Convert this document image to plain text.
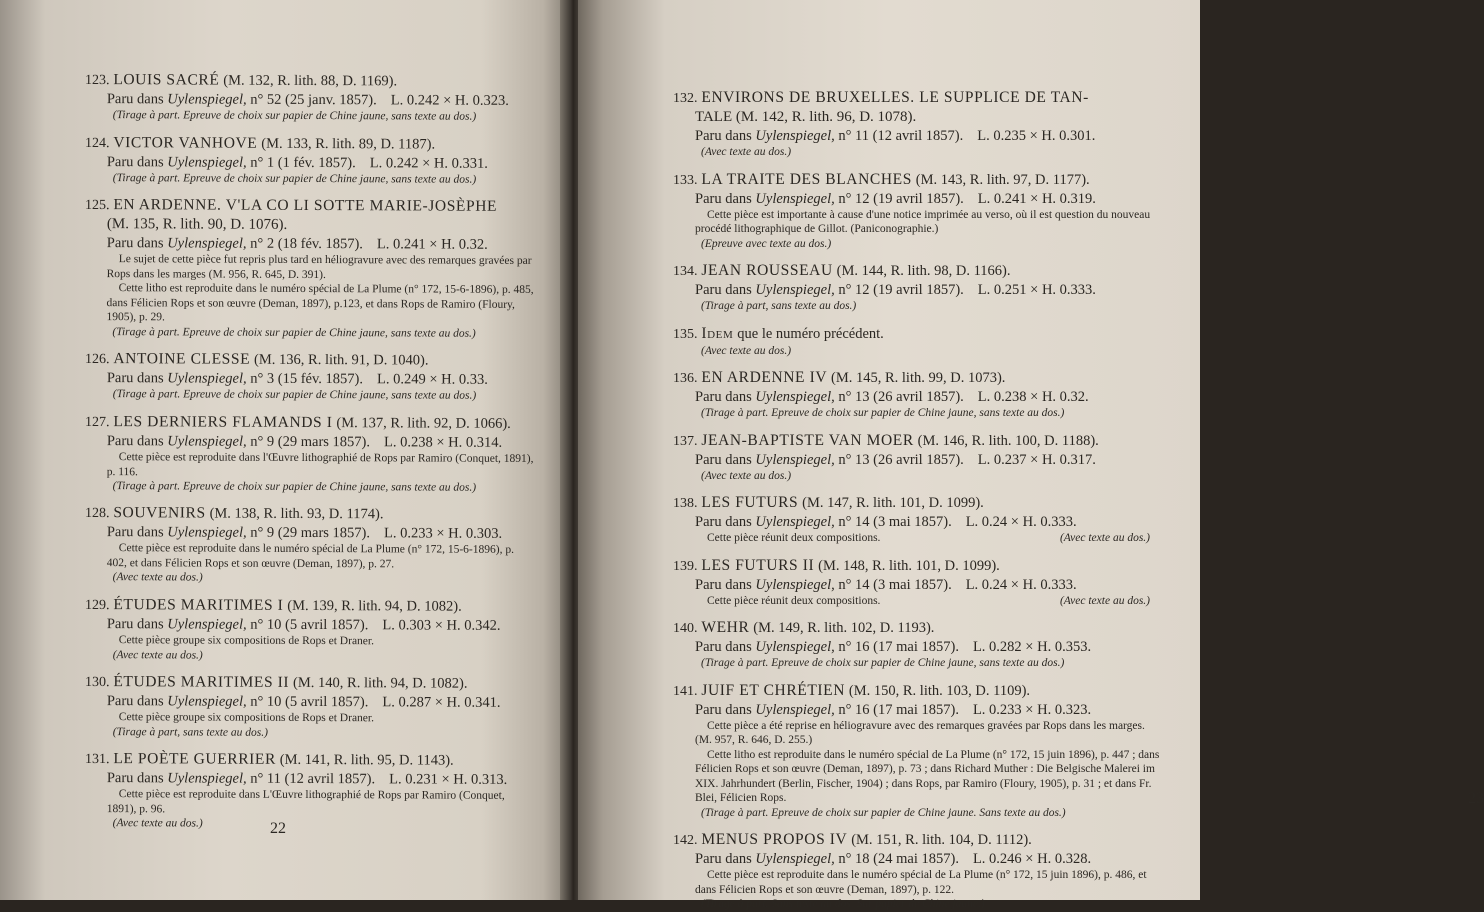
123. LOUIS SACRÉ (M. 132, R. lith. 88, D. 1169).
Paru dans Uylenspiegel, n° 52 (25 janv. 1857). L. 0.242 × H. 0.323.
(Tirage à part. Epreuve de choix sur papier de Chine jaune, sans texte au dos.)
124. VICTOR VANHOVE (M. 133, R. lith. 89, D. 1187).
Paru dans Uylenspiegel, n° 1 (1 fév. 1857). L. 0.242 × H. 0.331.
(Tirage à part. Epreuve de choix sur papier de Chine jaune, sans texte au dos.)
125. EN ARDENNE. V'LA CO LI SOTTE MARIE-JOSÈPHE
(M. 135, R. lith. 90, D. 1076).
Paru dans Uylenspiegel, n° 2 (18 fév. 1857). L. 0.241 × H. 0.32.
Le sujet de cette pièce fut repris plus tard en héliogravure avec des remarques gravées par Rops dans les marges (M. 956, R. 645, D. 391).
Cette litho est reproduite dans le numéro spécial de La Plume (n° 172, 15-6-1896), p. 485, dans Félicien Rops et son œuvre (Deman, 1897), p.123, et dans Rops de Ramiro (Floury, 1905), p. 29.
(Tirage à part. Epreuve de choix sur papier de Chine jaune, sans texte au dos.)
126. ANTOINE CLESSE (M. 136, R. lith. 91, D. 1040).
Paru dans Uylenspiegel, n° 3 (15 fév. 1857). L. 0.249 × H. 0.33.
(Tirage à part. Epreuve de choix sur papier de Chine jaune, sans texte au dos.)
127. LES DERNIERS FLAMANDS I (M. 137, R. lith. 92, D. 1066).
Paru dans Uylenspiegel, n° 9 (29 mars 1857). L. 0.238 × H. 0.314.
Cette pièce est reproduite dans l'Œuvre lithographié de Rops par Ramiro (Conquet, 1891), p. 116.
(Tirage à part. Epreuve de choix sur papier de Chine jaune, sans texte au dos.)
128. SOUVENIRS (M. 138, R. lith. 93, D. 1174).
Paru dans Uylenspiegel, n° 9 (29 mars 1857). L. 0.233 × H. 0.303.
Cette pièce est reproduite dans le numéro spécial de La Plume (n° 172, 15-6-1896), p. 402, et dans Félicien Rops et son œuvre (Deman, 1897), p. 27.
(Avec texte au dos.)
129. ÉTUDES MARITIMES I (M. 139, R. lith. 94, D. 1082).
Paru dans Uylenspiegel, n° 10 (5 avril 1857). L. 0.303 × H. 0.342.
Cette pièce groupe six compositions de Rops et Draner.
(Avec texte au dos.)
130. ÉTUDES MARITIMES II (M. 140, R. lith. 94, D. 1082).
Paru dans Uylenspiegel, n° 10 (5 avril 1857). L. 0.287 × H. 0.341.
Cette pièce groupe six compositions de Rops et Draner.
(Tirage à part, sans texte au dos.)
131. LE POÈTE GUERRIER (M. 141, R. lith. 95, D. 1143).
Paru dans Uylenspiegel, n° 11 (12 avril 1857). L. 0.231 × H. 0.313.
Cette pièce est reproduite dans L'Œuvre lithographié de Rops par Ramiro (Conquet, 1891), p. 96.
(Avec texte au dos.)	22
132. ENVIRONS DE BRUXELLES. LE SUPPLICE DE TAN-
TALE (M. 142, R. lith. 96, D. 1078).
Paru dans Uylenspiegel, n° 11 (12 avril 1857). L. 0.235 × H. 0.301.
(Avec texte au dos.)
133. LA TRAITE DES BLANCHES (M. 143, R. lith. 97, D. 1177).
Paru dans Uylenspiegel, n° 12 (19 avril 1857). L. 0.241 × H. 0.319.
Cette pièce est importante à cause d'une notice imprimée au verso, où il est question du nouveau procédé lithographique de Gillot. (Paniconographie.)
(Epreuve avec texte au dos.)
134. JEAN ROUSSEAU (M. 144, R. lith. 98, D. 1166).
Paru dans Uylenspiegel, n° 12 (19 avril 1857). L. 0.251 × H. 0.333.
(Tirage à part, sans texte au dos.)
135. Idem que le numéro précédent.
(Avec texte au dos.)
136. EN ARDENNE IV (M. 145, R. lith. 99, D. 1073).
Paru dans Uylenspiegel, n° 13 (26 avril 1857). L. 0.238 × H. 0.32.
(Tirage à part. Epreuve de choix sur papier de Chine jaune, sans texte au dos.)
137. JEAN-BAPTISTE VAN MOER (M. 146, R. lith. 100, D. 1188).
Paru dans Uylenspiegel, n° 13 (26 avril 1857). L. 0.237 × H. 0.317.
(Avec texte au dos.)
138. LES FUTURS (M. 147, R. lith. 101, D. 1099).
Paru dans Uylenspiegel, n° 14 (3 mai 1857). L. 0.24 × H. 0.333.
(Avec texte au dos.)
Cette pièce réunit deux compositions.
139. LES FUTURS II (M. 148, R. lith. 101, D. 1099).
Paru dans Uylenspiegel, n° 14 (3 mai 1857). L. 0.24 × H. 0.333.
(Avec texte au dos.)
Cette pièce réunit deux compositions.
140. WEHR (M. 149, R. lith. 102, D. 1193).
Paru dans Uylenspiegel, n° 16 (17 mai 1857). L. 0.282 × H. 0.353.
(Tirage à part. Epreuve de choix sur papier de Chine jaune, sans texte au dos.)
141. JUIF ET CHRÉTIEN (M. 150, R. lith. 103, D. 1109).
Paru dans Uylenspiegel, n° 16 (17 mai 1857). L. 0.233 × H. 0.323.
Cette pièce a été reprise en héliogravure avec des remarques gravées par Rops dans les marges. (M. 957, R. 646, D. 255.)
Cette litho est reproduite dans le numéro spécial de La Plume (n° 172, 15 juin 1896), p. 447 ; dans Félicien Rops et son œuvre (Deman, 1897), p. 73 ; dans Richard Muther : Die Belgische Malerei im XIX. Jahrhundert (Berlin, Fischer, 1904) ; dans Rops, par Ramiro (Floury, 1905), p. 31 ; et dans Fr. Blei, Félicien Rops.
(Tirage à part. Epreuve de choix sur papier de Chine jaune. Sans texte au dos.)
142. MENUS PROPOS IV (M. 151, R. lith. 104, D. 1112).
Paru dans Uylenspiegel, n° 18 (24 mai 1857). L. 0.246 × H. 0.328.
Cette pièce est reproduite dans le numéro spécial de La Plume (n° 172, 15 juin 1896), p. 486, et dans Félicien Rops et son œuvre (Deman, 1897), p. 122.
(Tirage à part. Sans texte au dos. Sur papier de Chine jaune.)
23
